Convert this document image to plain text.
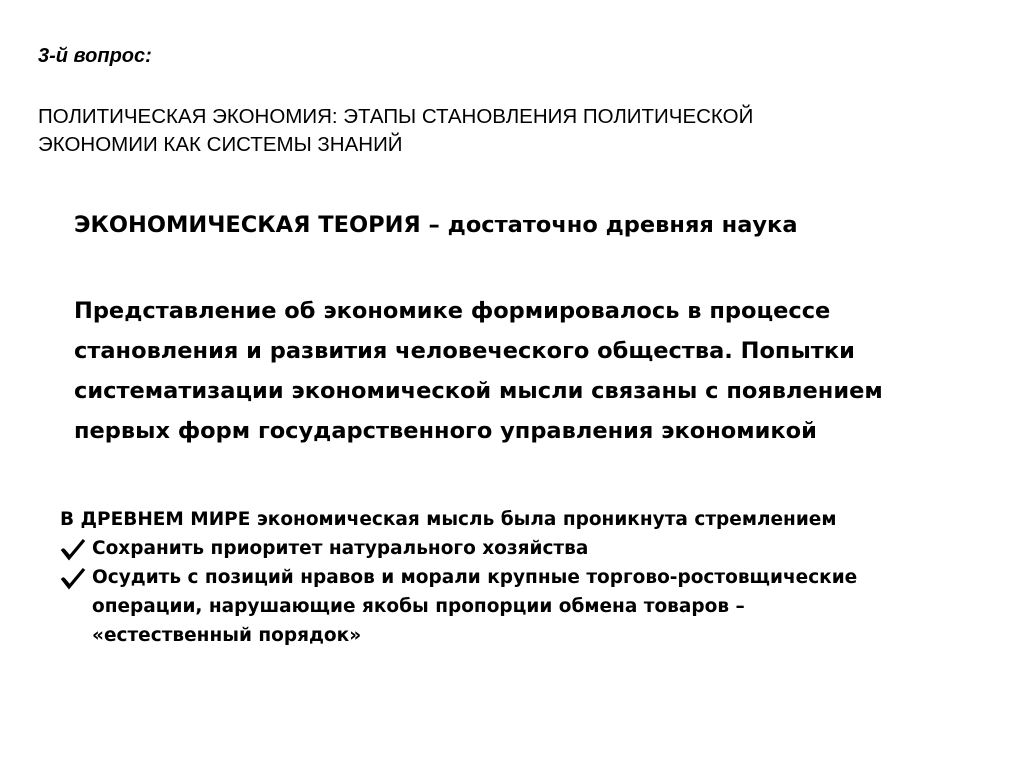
3-й вопрос:
ПОЛИТИЧЕСКАЯ ЭКОНОМИЯ: ЭТАПЫ СТАНОВЛЕНИЯ ПОЛИТИЧЕСКОЙ
ЭКОНОМИИ КАК СИСТЕМЫ ЗНАНИЙ
ЭКОНОМИЧЕСКАЯ ТЕОРИЯ – достаточно древняя наука
Представление об экономике формировалось в процессе
становления и развития человеческого общества. Попытки
систематизации экономической мысли связаны с появлением
первых форм государственного управления экономикой
В ДРЕВНЕМ МИРЕ экономическая мысль была проникнута стремлением
Сохранить приоритет натурального хозяйства
Осудить с позиций нравов и морали крупные торгово-ростовщические
операции, нарушающие якобы пропорции обмена товаров –
«естественный порядок»
